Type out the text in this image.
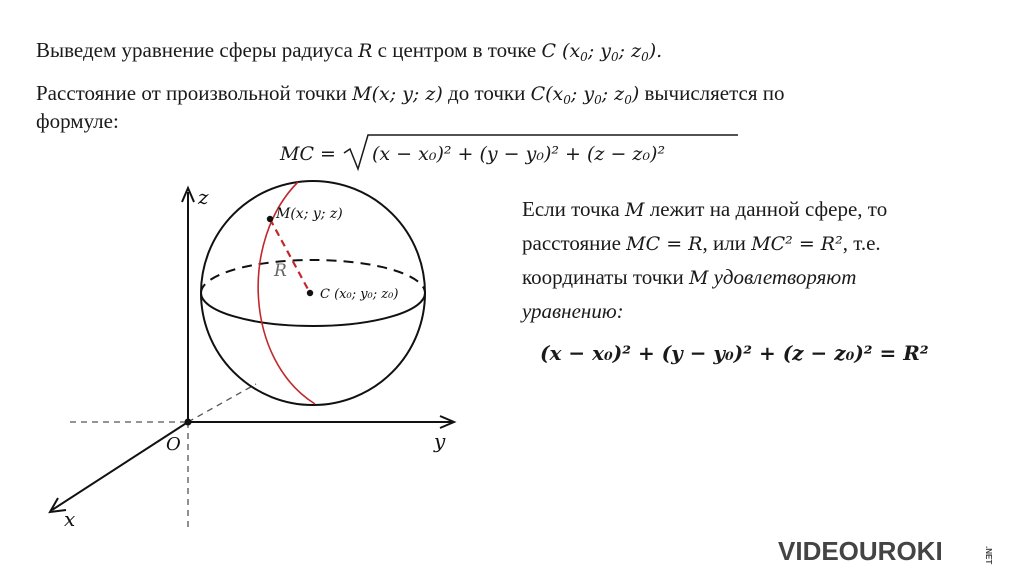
Выведем уравнение сферы радиуса R с центром в точке C ($x_0$; $y_0$; $z_0$).
Расстояние от произвольной точки M(x; y; z) до точки $C(x_0$; $y_0$; $z_0$) вычисляется по
формуле:
MC = (x − x₀)² + (y − y₀)² + (z − z₀)²
Если точка M лежит на данной сфере, то
расстояние MC = R, или MC² = R², т.е.
координаты точки M удовлетворяют
уравнению:
(x − x₀)² + (y − y₀)² + (z − z₀)² = R²
z
y
x
O
M(x; y; z)
R
C (x₀; y₀; z₀)
VIDEOUROKI	.NET
